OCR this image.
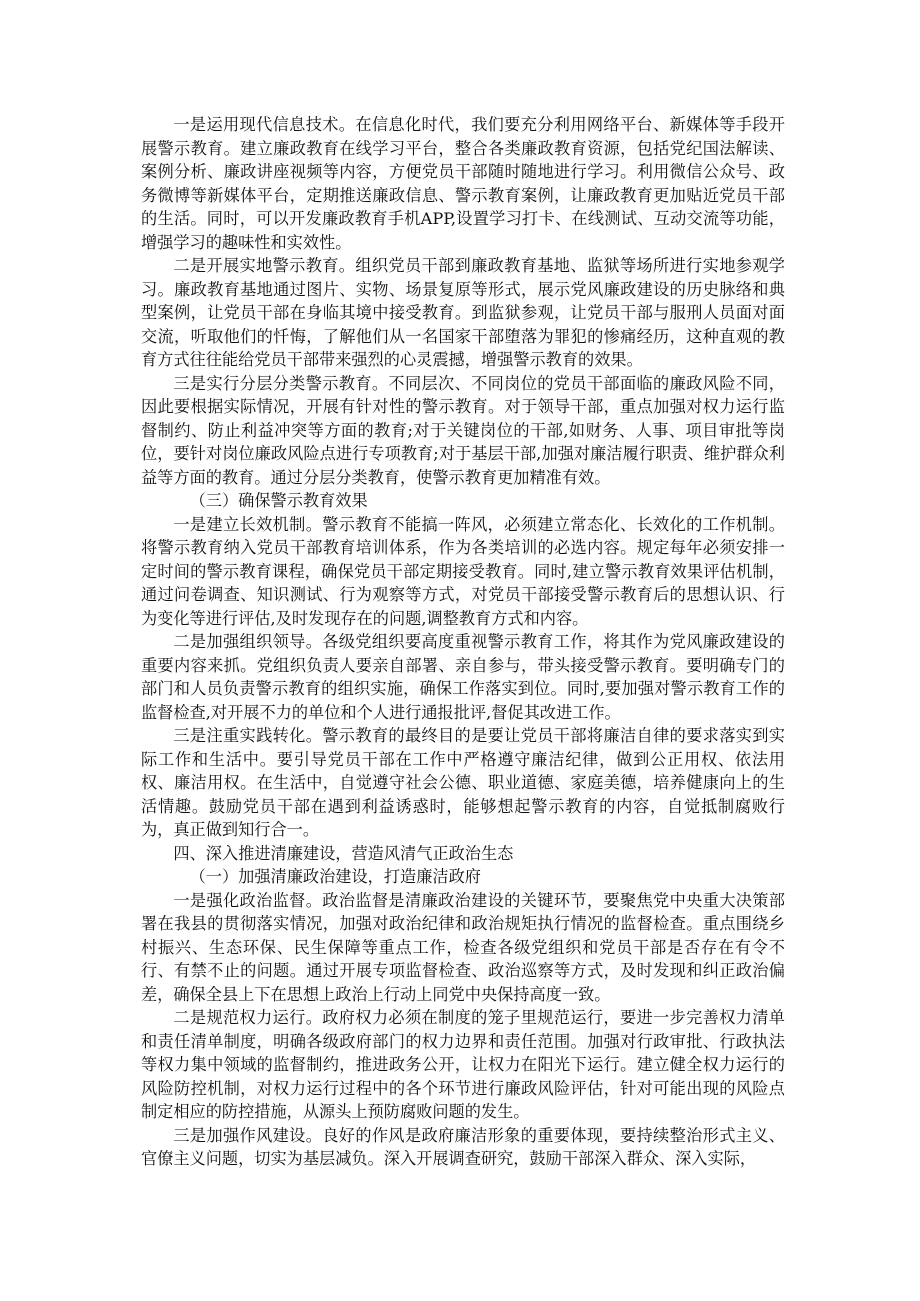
一是运用现代信息技术。在信息化时代，我们要充分利用网络平台、新媒体等手段开展警示教育。建立廉政教育在线学习平台，整合各类廉政教育资源，包括党纪国法解读、案例分析、廉政讲座视频等内容，方便党员干部随时随地进行学习。利用微信公众号、政务微博等新媒体平台，定期推送廉政信息、警示教育案例，让廉政教育更加贴近党员干部的生活。同时，可以开发廉政教育手机APP,设置学习打卡、在线测试、互动交流等功能，增强学习的趣味性和实效性。

二是开展实地警示教育。组织党员干部到廉政教育基地、监狱等场所进行实地参观学习。廉政教育基地通过图片、实物、场景复原等形式，展示党风廉政建设的历史脉络和典型案例，让党员干部在身临其境中接受教育。到监狱参观，让党员干部与服刑人员面对面交流，听取他们的忏悔，了解他们从一名国家干部堕落为罪犯的惨痛经历，这种直观的教育方式往往能给党员干部带来强烈的心灵震撼，增强警示教育的效果。

三是实行分层分类警示教育。不同层次、不同岗位的党员干部面临的廉政风险不同，因此要根据实际情况，开展有针对性的警示教育。对于领导干部，重点加强对权力运行监督制约、防止利益冲突等方面的教育;对于关键岗位的干部,如财务、人事、项目审批等岗位，要针对岗位廉政风险点进行专项教育;对于基层干部,加强对廉洁履行职责、维护群众利益等方面的教育。通过分层分类教育，使警示教育更加精准有效。

（三）确保警示教育效果

一是建立长效机制。警示教育不能搞一阵风，必须建立常态化、长效化的工作机制。将警示教育纳入党员干部教育培训体系，作为各类培训的必选内容。规定每年必须安排一定时间的警示教育课程，确保党员干部定期接受教育。同时,建立警示教育效果评估机制，通过问卷调查、知识测试、行为观察等方式，对党员干部接受警示教育后的思想认识、行为变化等进行评估,及时发现存在的问题,调整教育方式和内容。

二是加强组织领导。各级党组织要高度重视警示教育工作，将其作为党风廉政建设的重要内容来抓。党组织负责人要亲自部署、亲自参与，带头接受警示教育。要明确专门的部门和人员负责警示教育的组织实施，确保工作落实到位。同时,要加强对警示教育工作的监督检查,对开展不力的单位和个人进行通报批评,督促其改进工作。

三是注重实践转化。警示教育的最终目的是要让党员干部将廉洁自律的要求落实到实际工作和生活中。要引导党员干部在工作中严格遵守廉洁纪律，做到公正用权、依法用权、廉洁用权。在生活中，自觉遵守社会公德、职业道德、家庭美德，培养健康向上的生活情趣。鼓励党员干部在遇到利益诱惑时，能够想起警示教育的内容，自觉抵制腐败行为，真正做到知行合一。

四、深入推进清廉建设，营造风清气正政治生态

（一）加强清廉政治建设，打造廉洁政府

一是强化政治监督。政治监督是清廉政治建设的关键环节，要聚焦党中央重大决策部署在我县的贯彻落实情况，加强对政治纪律和政治规矩执行情况的监督检查。重点围绕乡村振兴、生态环保、民生保障等重点工作，检查各级党组织和党员干部是否存在有令不行、有禁不止的问题。通过开展专项监督检查、政治巡察等方式，及时发现和纠正政治偏差，确保全县上下在思想上政治上行动上同党中央保持高度一致。

二是规范权力运行。政府权力必须在制度的笼子里规范运行，要进一步完善权力清单和责任清单制度，明确各级政府部门的权力边界和责任范围。加强对行政审批、行政执法等权力集中领域的监督制约，推进政务公开，让权力在阳光下运行。建立健全权力运行的风险防控机制，对权力运行过程中的各个环节进行廉政风险评估，针对可能出现的风险点制定相应的防控措施，从源头上预防腐败问题的发生。

三是加强作风建设。良好的作风是政府廉洁形象的重要体现，要持续整治形式主义、官僚主义问题，切实为基层减负。深入开展调查研究，鼓励干部深入群众、深入实际，
